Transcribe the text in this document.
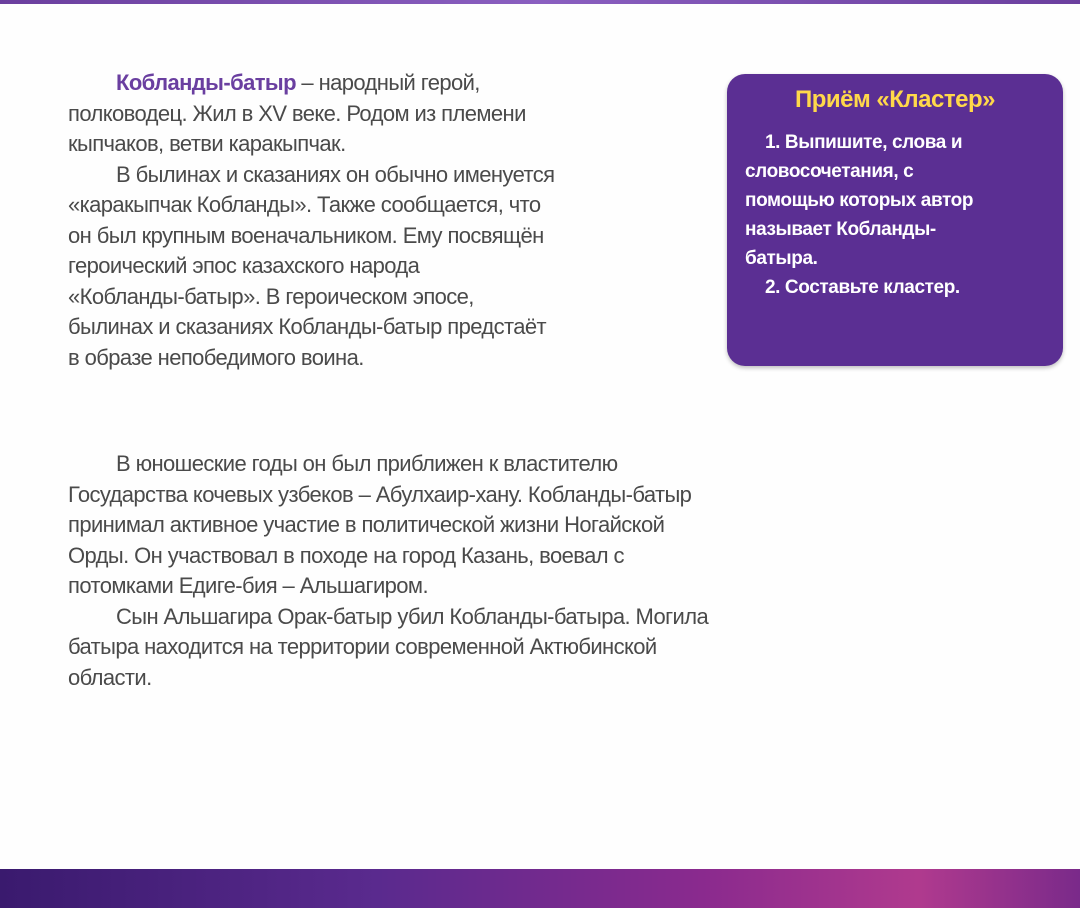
Кобланды-батыр – народный герой,
полководец. Жил в XV веке. Родом из племени
кыпчаков, ветви каракыпчак.

В былинах и сказаниях он обычно именуется
«каракыпчак Кобланды». Также сообщается, что
он был крупным военачальником. Ему посвящён
героический эпос казахского народа
«Кобланды-батыр». В героическом эпосе,
былинах и сказаниях Кобланды-батыр предстаёт
в образе непобедимого воина.

В юношеские годы он был приближен к властителю
Государства кочевых узбеков – Абулхаир-хану. Кобланды-батыр
принимал активное участие в политической жизни Ногайской
Орды. Он участвовал в походе на город Казань, воевал с
потомками Едиге-бия – Альшагиром.

Сын Альшагира Орак-батыр убил Кобланды-батыра. Могила
батыра находится на территории современной Актюбинской
области.

Приём «Кластер»
1. Выпишите, слова и
словосочетания, с
помощью которых автор
называет Кобланды-
батыра.
2. Составьте кластер.
